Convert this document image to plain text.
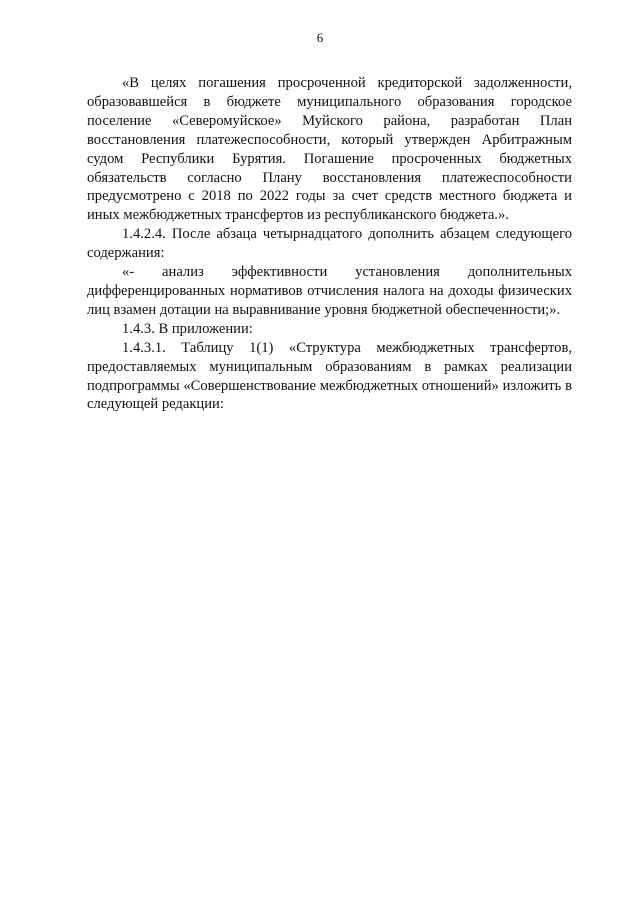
6

«В целях погашения просроченной кредиторской задолженности, образовавшейся в бюджете муниципального образования городское поселение «Северомуйское» Муйского района, разработан План восстановления платежеспособности, который утвержден Арбитражным судом Республики Бурятия. Погашение просроченных бюджетных обязательств согласно Плану восстановления платежеспособности предусмотрено с 2018 по 2022 годы за счет средств местного бюджета и иных межбюджетных трансфертов из республиканского бюджета.».

1.4.2.4. После абзаца четырнадцатого дополнить абзацем следующего содержания:

«- анализ эффективности установления дополнительных дифференцированных нормативов отчисления налога на доходы физических лиц взамен дотации на выравнивание уровня бюджетной обеспеченности;».

1.4.3. В приложении:

1.4.3.1. Таблицу 1(1) «Структура межбюджетных трансфертов, предоставляемых муниципальным образованиям в рамках реализации подпрограммы «Совершенствование межбюджетных отношений» изложить в следующей редакции:
